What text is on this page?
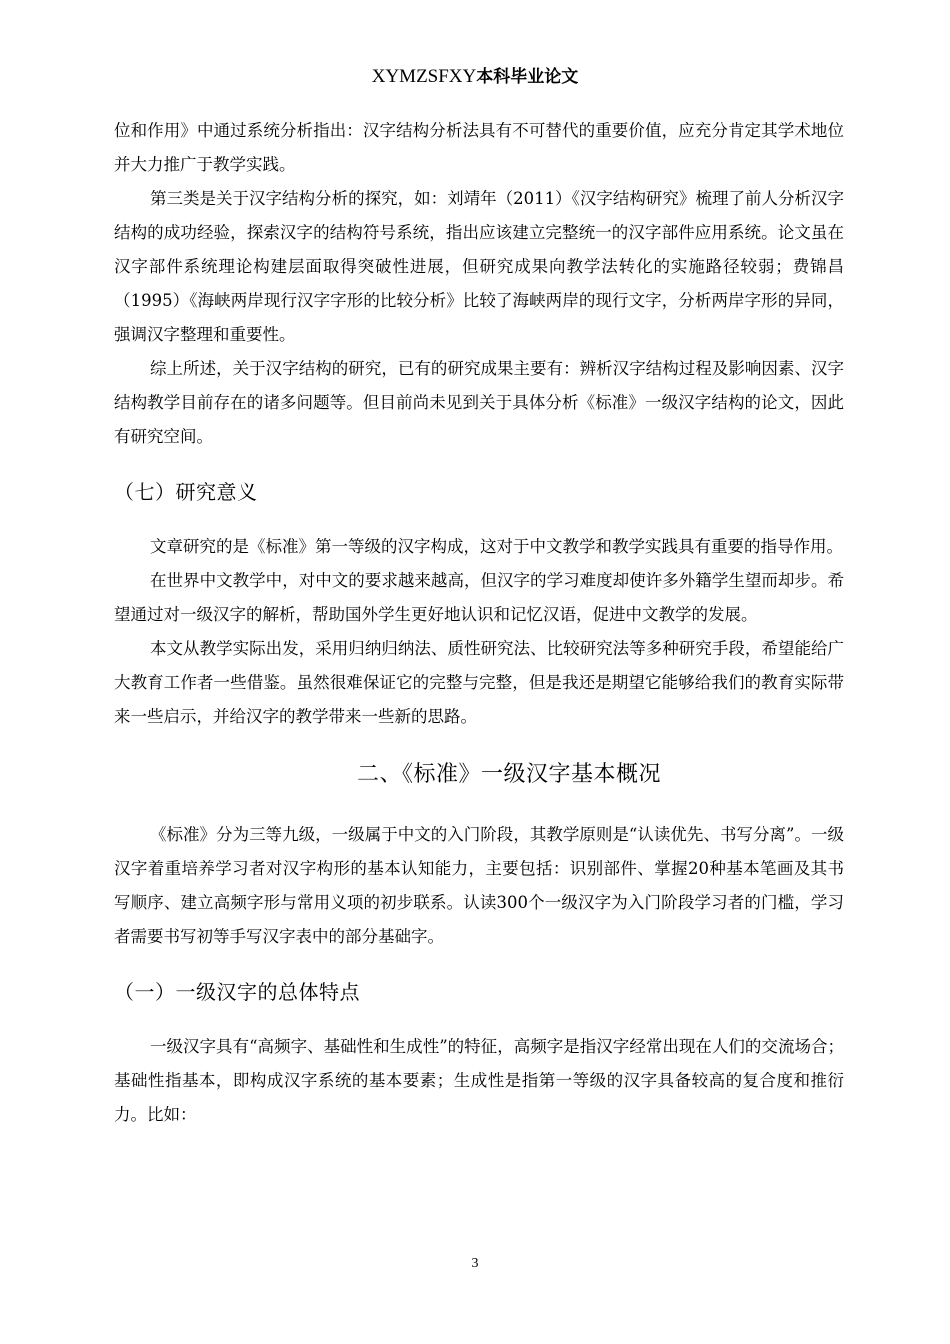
XYMZSFXY本科毕业论文

位和作用》中通过系统分析指出：汉字结构分析法具有不可替代的重要价值，应充分肯定其学术地位并大力推广于教学实践。

第三类是关于汉字结构分析的探究，如：刘靖年（2011）《汉字结构研究》梳理了前人分析汉字结构的成功经验，探索汉字的结构符号系统，指出应该建立完整统一的汉字部件应用系统。论文虽在汉字部件系统理论构建层面取得突破性进展，但研究成果向教学法转化的实施路径较弱；费锦昌（1995）《海峡两岸现行汉字字形的比较分析》比较了海峡两岸的现行文字，分析两岸字形的异同，强调汉字整理和重要性。

综上所述，关于汉字结构的研究，已有的研究成果主要有：辨析汉字结构过程及影响因素、汉字结构教学目前存在的诸多问题等。但目前尚未见到关于具体分析《标准》一级汉字结构的论文，因此有研究空间。

（七）研究意义

文章研究的是《标准》第一等级的汉字构成，这对于中文教学和教学实践具有重要的指导作用。

在世界中文教学中，对中文的要求越来越高，但汉字的学习难度却使许多外籍学生望而却步。希望通过对一级汉字的解析，帮助国外学生更好地认识和记忆汉语，促进中文教学的发展。

本文从教学实际出发，采用归纳归纳法、质性研究法、比较研究法等多种研究手段，希望能给广大教育工作者一些借鉴。虽然很难保证它的完整与完整，但是我还是期望它能够给我们的教育实际带来一些启示，并给汉字的教学带来一些新的思路。

二、《标准》一级汉字基本概况

《标准》分为三等九级，一级属于中文的入门阶段，其教学原则是“认读优先、书写分离”。一级汉字着重培养学习者对汉字构形的基本认知能力，主要包括：识别部件、掌握20种基本笔画及其书写顺序、建立高频字形与常用义项的初步联系。认读300个一级汉字为入门阶段学习者的门槛，学习者需要书写初等手写汉字表中的部分基础字。

（一）一级汉字的总体特点

一级汉字具有“高频字、基础性和生成性”的特征，高频字是指汉字经常出现在人们的交流场合；基础性指基本，即构成汉字系统的基本要素；生成性是指第一等级的汉字具备较高的复合度和推衍力。比如：

3
